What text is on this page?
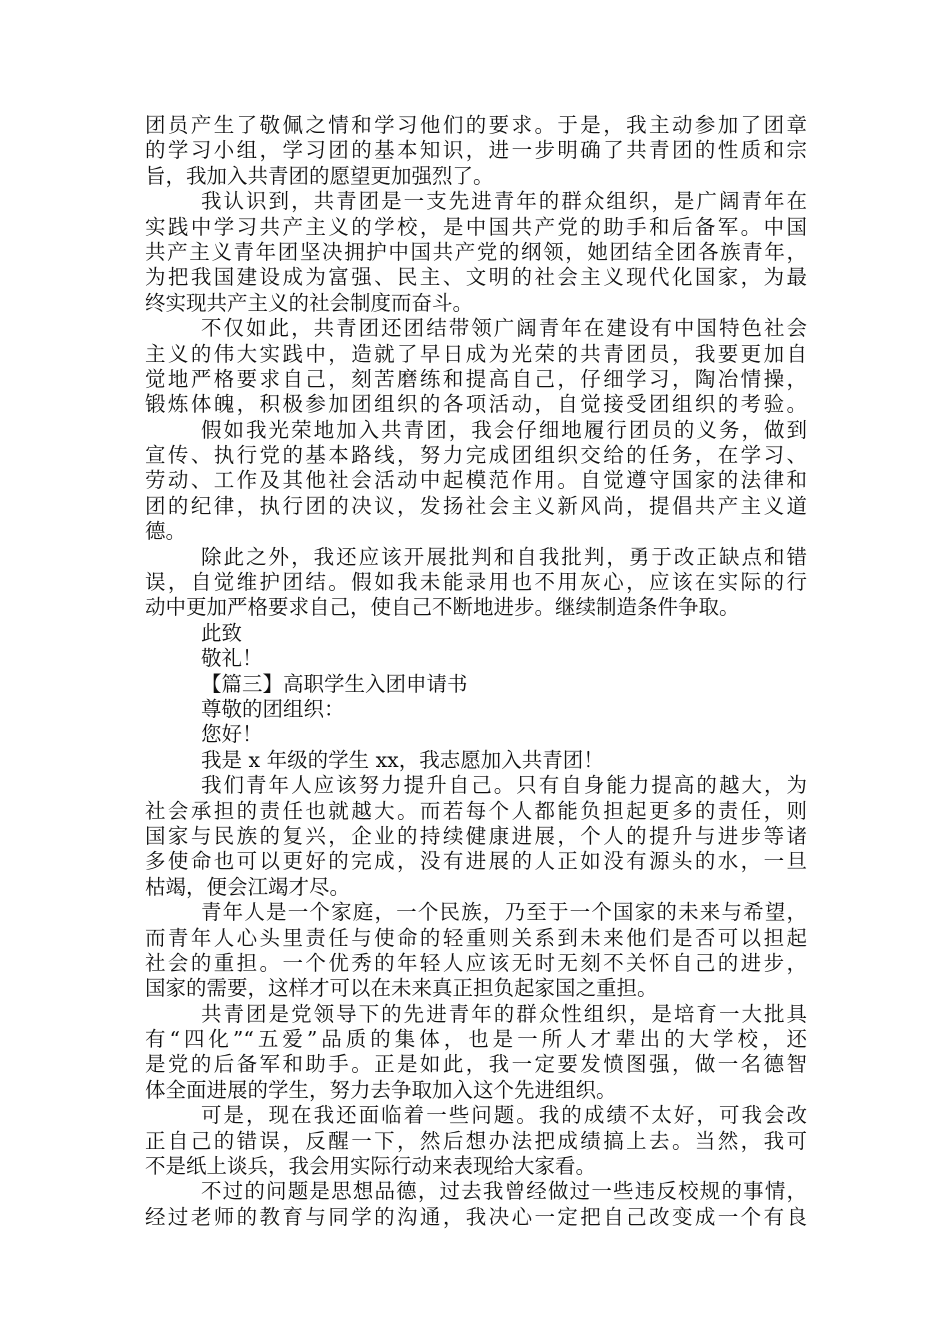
团员产生了敬佩之情和学习他们的要求。于是，我主动参加了团章
的学习小组，学习团的基本知识，进一步明确了共青团的性质和宗
旨，我加入共青团的愿望更加强烈了。
我认识到，共青团是一支先进青年的群众组织，是广阔青年在
实践中学习共产主义的学校，是中国共产党的助手和后备军。中国
共产主义青年团坚决拥护中国共产党的纲领，她团结全团各族青年，
为把我国建设成为富强、民主、文明的社会主义现代化国家，为最
终实现共产主义的社会制度而奋斗。
不仅如此，共青团还团结带领广阔青年在建设有中国特色社会
主义的伟大实践中，造就了早日成为光荣的共青团员，我要更加自
觉地严格要求自己，刻苦磨练和提高自己，仔细学习，陶冶情操，
锻炼体魄，积极参加团组织的各项活动，自觉接受团组织的考验。
假如我光荣地加入共青团，我会仔细地履行团员的义务，做到
宣传、执行党的基本路线，努力完成团组织交给的任务，在学习、
劳动、工作及其他社会活动中起模范作用。自觉遵守国家的法律和
团的纪律，执行团的决议，发扬社会主义新风尚，提倡共产主义道
德。
除此之外，我还应该开展批判和自我批判，勇于改正缺点和错
误，自觉维护团结。假如我未能录用也不用灰心，应该在实际的行
动中更加严格要求自己，使自己不断地进步。继续制造条件争取。
此致
敬礼！
【篇三】高职学生入团申请书
尊敬的团组织：
您好！
我是 x 年级的学生 xx，我志愿加入共青团！
我们青年人应该努力提升自己。只有自身能力提高的越大，为
社会承担的责任也就越大。而若每个人都能负担起更多的责任，则
国家与民族的复兴，企业的持续健康进展，个人的提升与进步等诸
多使命也可以更好的完成，没有进展的人正如没有源头的水，一旦
枯竭，便会江竭才尽。
青年人是一个家庭，一个民族，乃至于一个国家的未来与希望，
而青年人心头里责任与使命的轻重则关系到未来他们是否可以担起
社会的重担。一个优秀的年轻人应该无时无刻不关怀自己的进步，
国家的需要，这样才可以在未来真正担负起家国之重担。
共青团是党领导下的先进青年的群众性组织，是培育一大批具
有“四化”“五爱”品质的集体，也是一所人才辈出的大学校，还
是党的后备军和助手。正是如此，我一定要发愤图强，做一名德智
体全面进展的学生，努力去争取加入这个先进组织。
可是，现在我还面临着一些问题。我的成绩不太好，可我会改
正自己的错误，反醒一下，然后想办法把成绩搞上去。当然，我可
不是纸上谈兵，我会用实际行动来表现给大家看。
不过的问题是思想品德，过去我曾经做过一些违反校规的事情，
经过老师的教育与同学的沟通，我决心一定把自己改变成一个有良
